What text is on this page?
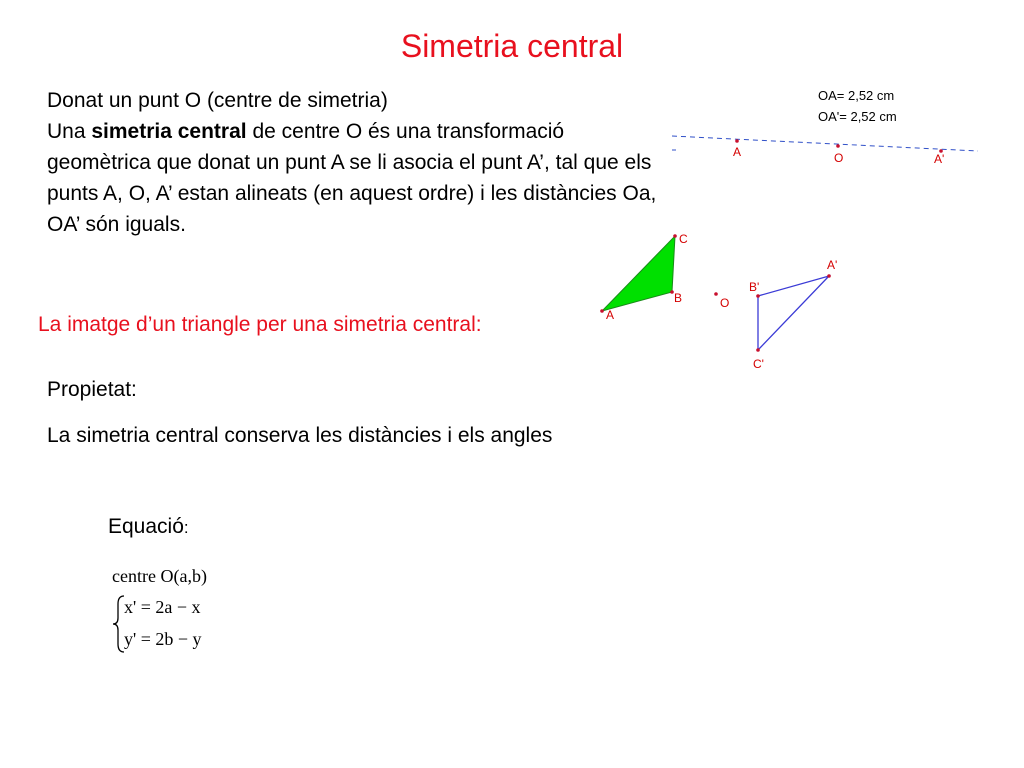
Simetria central

Donat un punt O (centre de simetria)

Una simetria central de centre O és una transformació geomètrica que donat un punt A se li asocia el punt A’, tal que els punts A, O, A’ estan alineats (en aquest ordre) i les distàncies Oa, OA’ són iguals.

La imatge d’un triangle per una simetria central:
Propietat:
La simetria central conserva les distàncies i els angles
Equació:
centre O(a,b)
x' = 2a − x
y' = 2b − y
OA= 2,52 cm
OA'= 2,52 cm
A	O	A'
A
B
C
O
A'
B'
C'
